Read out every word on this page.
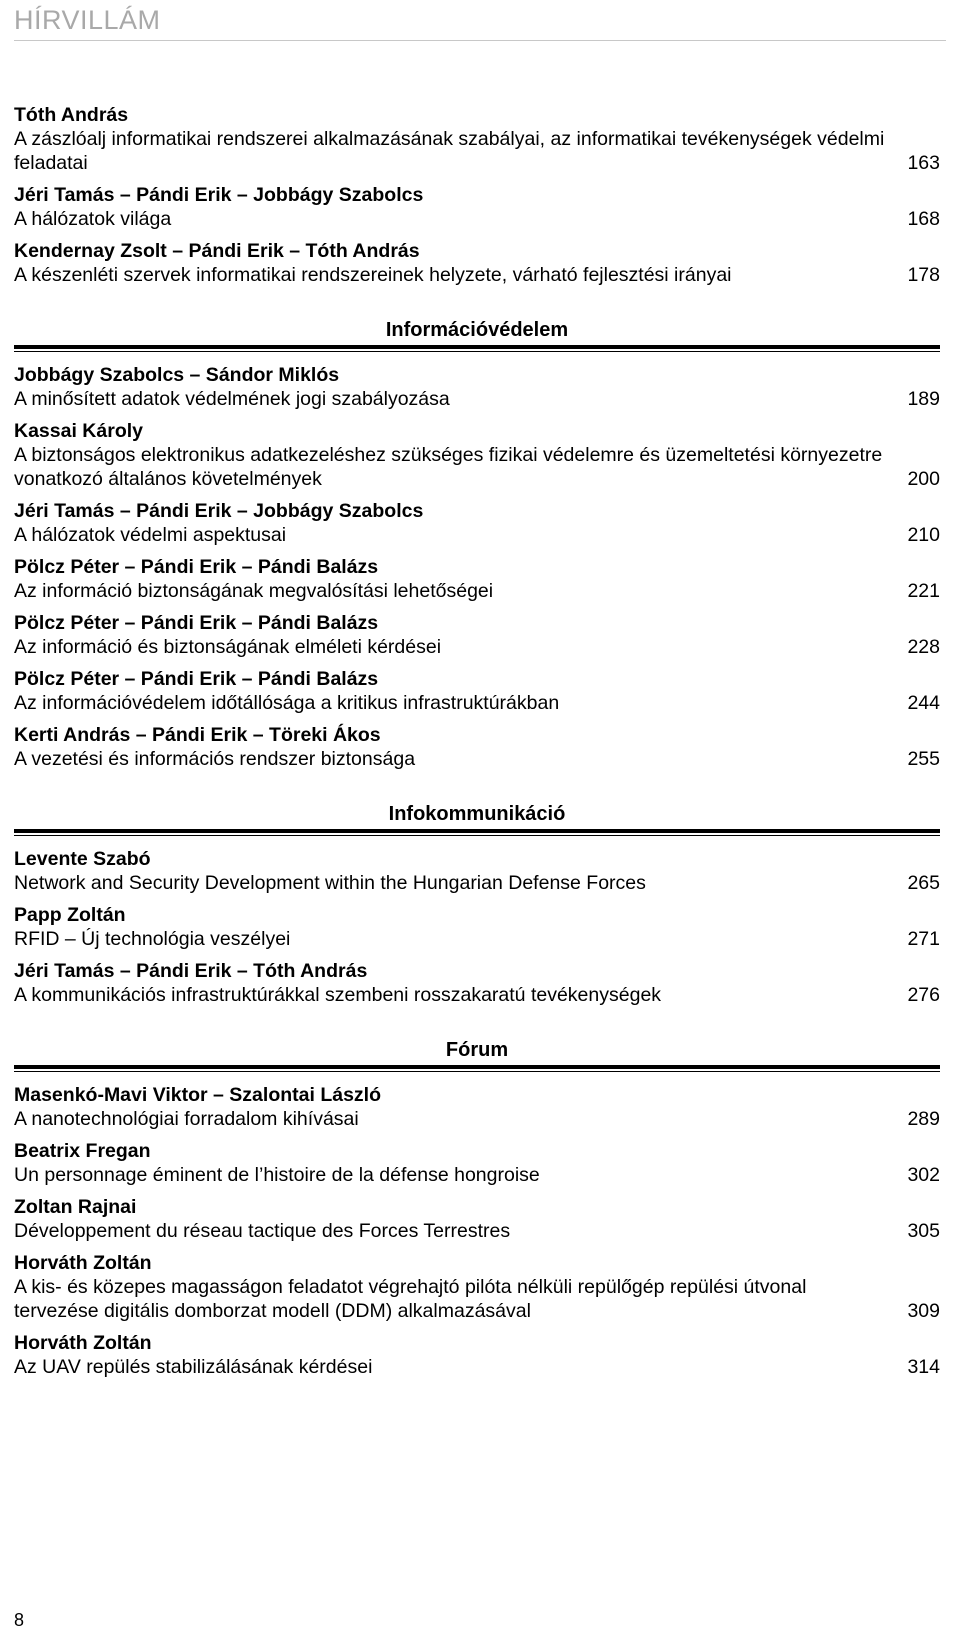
HÍRVILLÁM
Tóth András
A zászlóalj informatikai rendszerei alkalmazásának szabályai, az informatikai tevékenységek védelmi feladatai	163
Jéri Tamás – Pándi Erik – Jobbágy Szabolcs
A hálózatok világa	168
Kendernay Zsolt – Pándi Erik – Tóth András
A készenléti szervek informatikai rendszereinek helyzete, várható fejlesztési irányai	178
Információvédelem
Jobbágy Szabolcs – Sándor Miklós
A minősített adatok védelmének jogi szabályozása	189
Kassai Károly
A biztonságos elektronikus adatkezeléshez szükséges fizikai védelemre és üzemeltetési környezetre vonatkozó általános követelmények	200
Jéri Tamás – Pándi Erik – Jobbágy Szabolcs
A hálózatok védelmi aspektusai	210
Pölcz Péter – Pándi Erik – Pándi Balázs
Az információ biztonságának megvalósítási lehetőségei	221
Pölcz Péter – Pándi Erik – Pándi Balázs
Az információ és biztonságának elméleti kérdései	228
Pölcz Péter – Pándi Erik – Pándi Balázs
Az információvédelem időtállósága a kritikus infrastruktúrákban	244
Kerti András – Pándi Erik – Töreki Ákos
A vezetési és információs rendszer biztonsága	255
Infokommunikáció
Levente Szabó
Network and Security Development within the Hungarian Defense Forces	265
Papp Zoltán
RFID – Új technológia veszélyei	271
Jéri Tamás – Pándi Erik – Tóth András
A kommunikációs infrastruktúrákkal szembeni rosszakaratú tevékenységek	276
Fórum
Masenkó-Mavi Viktor – Szalontai László
A nanotechnológiai forradalom kihívásai	289
Beatrix Fregan
Un personnage éminent de l’histoire de la défense hongroise	302
Zoltan Rajnai
Développement du réseau tactique des Forces Terrestres	305
Horváth Zoltán
A kis- és közepes magasságon feladatot végrehajtó pilóta nélküli repülőgép repülési útvonal tervezése digitális domborzat modell (DDM) alkalmazásával	309
Horváth Zoltán
Az UAV repülés stabilizálásának kérdései	314
8
